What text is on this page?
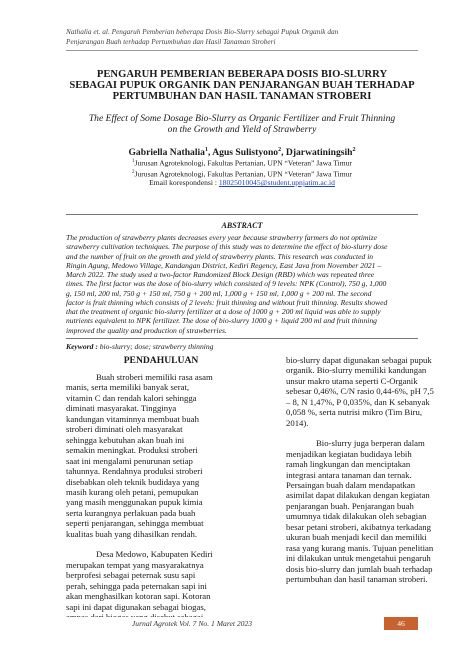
Nathalia et. al. Pengaruh Pemberian beberapa Dosis Bio-Slurry sebagai Pupuk Organik dan
Penjarangan Buah terhadap Pertumbuhan dan Hasil Tanaman Stroberi
PENGARUH PEMBERIAN BEBERAPA DOSIS BIO-SLURRY
SEBAGAI PUPUK ORGANIK DAN PENJARANGAN BUAH TERHADAP
PERTUMBUHAN DAN HASIL TANAMAN STROBERI
The Effect of Some Dosage Bio-Slurry as Organic Fertilizer and Fruit Thinning
on the Growth and Yield of Strawberry
Gabriella Nathalia$^1$, Agus Sulistyono$^2$, Djarwatiningsih$^2$
$^1$Jurusan Agroteknologi, Fakultas Pertanian, UPN “Veteran” Jawa Timur
$^2$Jurusan Agroteknologi, Fakultas Pertanian, UPN “Veteran” Jawa Timur
Email korespondensi : 18025010045@student.upnjatim.ac.id
ABSTRACT
The production of strawberry plants decreases every year because strawberry farmers do not optimize
strawberry cultivation techniques. The purpose of this study was to determine the effect of bio-slurry dose
and the number of fruit on the growth and yield of strawberry plants. This research was conducted in
Ringin Agung, Medowo Village, Kandangan District, Kediri Regency, East Java from November 2021 –
March 2022. The study used a two-factor Randomized Block Design (RBD) which was repeated three
times. The first factor was the dose of bio-slurry which consisted of 9 levels: NPK (Control), 750 g, 1,000
g, 150 ml, 200 ml, 750 g + 150 ml, 750 g + 200 ml, 1,000 g + 150 ml, 1,000 g + 200 ml. The second
factor is fruit thinning which consists of 2 levels: fruit thinning and without fruit thinning. Results showed
that the treatment of organic bio-slurry fertilizer at a dose of 1000 g + 200 ml liquid was able to supply
nutrients equivalent to NPK fertilizer. The dose of bio-slurry 1000 g + liquid 200 ml and fruit thinning
improved the quality and production of strawberries.
Keyword : bio-slurry; dose; strawberry thinning
PENDAHULUAN
Buah stroberi memiliki rasa asam
manis, serta memiliki banyak serat,
vitamin C dan rendah kalori sehingga
diminati masyarakat. Tingginya
kandungan vitaminnya membuat buah
stroberi diminati oleh masyarakat
sehingga kebutuhan akan buah ini
semakin meningkat. Produksi stroberi
saat ini mengalami penurunan setiap
tahunnya. Rendahnya produksi stroberi
disebabkan oleh teknik budidaya yang
masih kurang oleh petani, pemupukan
yang masih menggunakan pupuk kimia
serta kurangnya perlakuan pada buah
seperti penjarangan, sehingga membuat
kualitas buah yang dihasilkan rendah.
Desa Medowo, Kabupaten Kediri
merupakan tempat yang masyarakatnya
berprofesi sebagai peternak susu sapi
perah, sehingga pada peternakan sapi ini
akan menghasilkan kotoran sapi. Kotoran
sapi ini dapat digunakan sebagai biogas,
bio-slurry dapat digunakan sebagai pupuk
organik. Bio-slurry memiliki kandungan
unsur makro utama seperti C-Organik
sebesar 0,46%, C/N rasio 0,44-6%, pH 7,5
– 8, N 1,47%, P 0,035%, dan K sebanyak
0,058 %, serta nutrisi mikro (Tim Biru,
2014).
Bio-slurry juga berperan dalam
menjadikan kegiatan budidaya lebih
ramah lingkungan dan menciptakan
integrasi antara tanaman dan ternak.
Persaingan buah dalam mendapatkan
asimilat dapat dilakukan dengan kegiatan
penjarangan buah. Penjarangan buah
umumnya tidak dilakukan oleh sebagian
besar petani stroberi, akibatnya terkadang
ukuran buah menjadi kecil dan memiliki
rasa yang kurang manis. Tujuan penelitian
ini dilakukan untuk mengetahui pengaruh
dosis bio-slurry dan jumlah buah terhadap
pertumbuhan dan hasil tanaman stroberi.
Jurnal Agrotek Vol. 7 No. 1 Maret 2023	46
